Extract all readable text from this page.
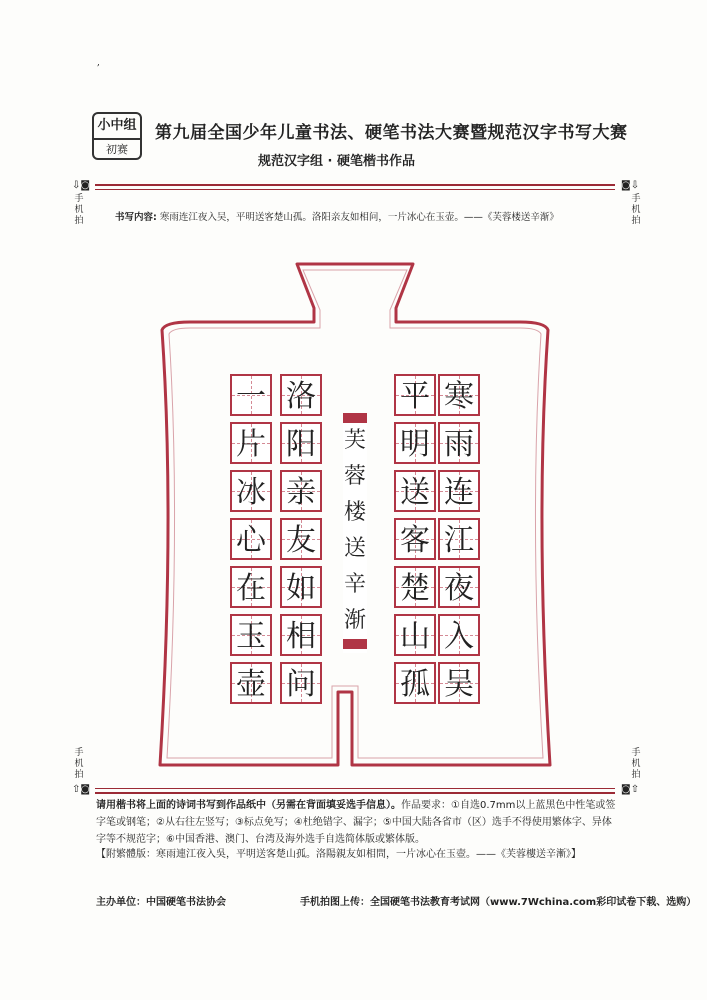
,
小中组
初赛
第九届全国少年儿童书法、硬笔书法大赛暨规范汉字书写大赛
规范汉字组 · 硬笔楷书作品
⇩◙
手机拍
◙⇩
手机拍
手机拍
⇧◙
手机拍
◙⇧
书写内容: 寒雨连江夜入吴，平明送客楚山孤。洛阳亲友如相问，一片冰心在玉壶。——《芙蓉楼送辛渐》
寒
雨
连
江
夜
入
吴
平
明
送
客
楚
山
孤
洛
阳
亲
友
如
相
问
一
片
冰
心
在
玉
壶
芙
蓉
楼
送
辛
渐
请用楷书将上面的诗词书写到作品纸中（另需在背面填妥选手信息）。作品要求：①自选0.7mm以上蓝黑色中性笔或签字笔或钢笔；②从右往左竖写；③标点免写；④杜绝错字、漏字；⑤中国大陆各省市（区）选手不得使用繁体字、异体字等不规范字；⑥中国香港、澳门、台湾及海外选手自选简体版或繁体版。
【附繁體版：寒雨連江夜入吳，平明送客楚山孤。洛陽親友如相問，一片冰心在玉壺。——《芙蓉樓送辛漸》】
主办单位：中国硬笔书法协会	手机拍图上传：全国硬笔书法教育考试网（www.7Wchina.com彩印试卷下载、选购）
